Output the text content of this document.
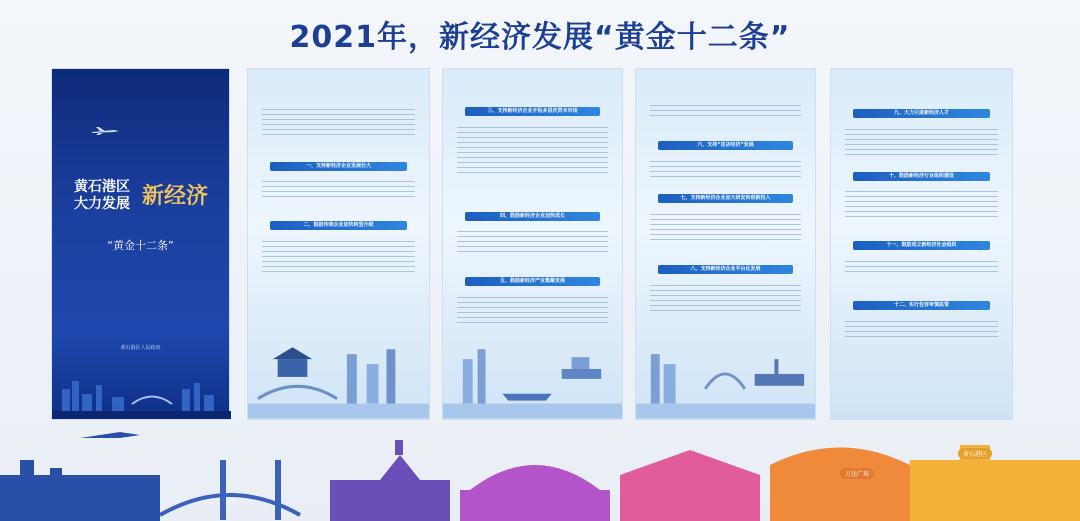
2021年，新经济发展“黄金十二条”
黄石港区
大力发展 新经济
“黄金十二条”
黄石港区人民政府
一、支持新经济企业发展壮大
二、鼓励传统企业加快转型升级
三、支持新经济企业开拓多层次资本市场
四、鼓励新经济企业加快成长
五、鼓励新经济产业集聚发展
六、支持“首店经济”发展
七、支持新经济企业加大研发和创新投入
八、支持新经济企业平台化发展
九、大力引进新经济人才
十、鼓励新经济行业组织建设
十一、鼓励成立新经济社会组织
十二、实行包容审慎监管
万达广场
黄石港区
